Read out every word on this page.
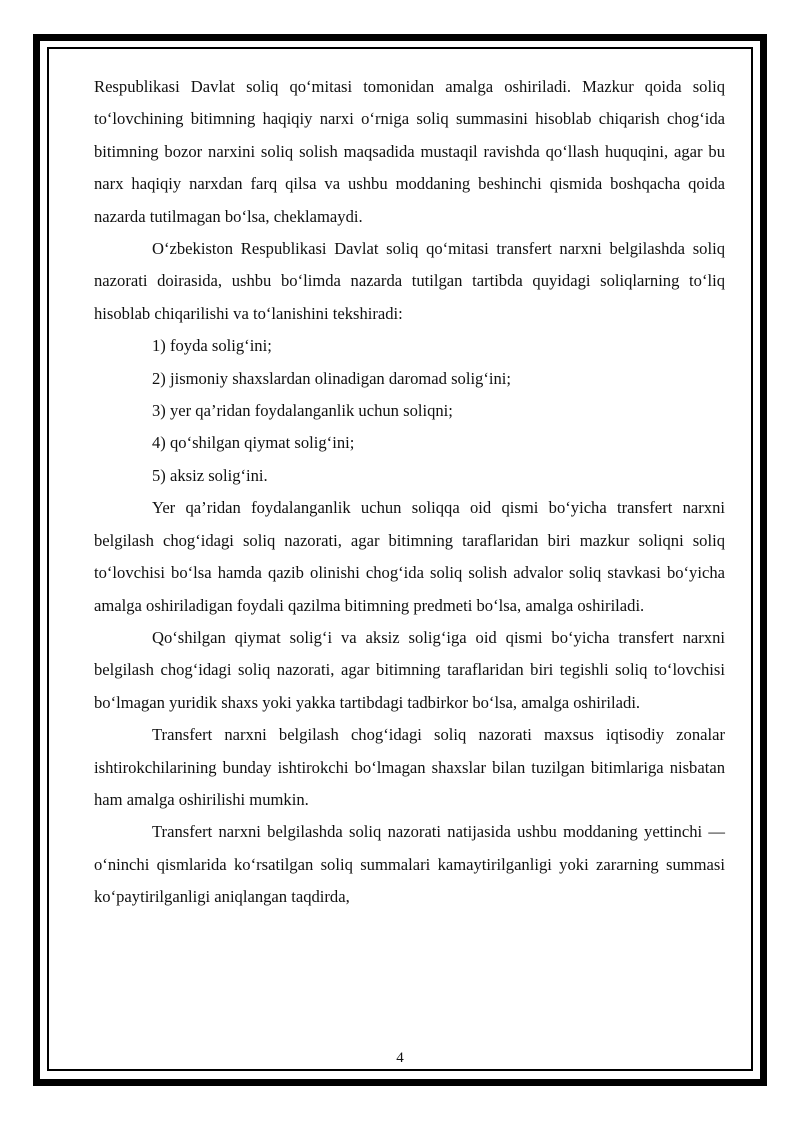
Respublikasi Davlat soliq qo‘mitasi tomonidan amalga oshiriladi. Mazkur qoida soliq to‘lovchining bitimning haqiqiy narxi o‘rniga soliq summasini hisoblab chiqarish chog‘ida bitimning bozor narxini soliq solish maqsadida mustaqil ravishda qo‘llash huquqini, agar bu narx haqiqiy narxdan farq qilsa va ushbu moddaning beshinchi qismida boshqacha qoida nazarda tutilmagan bo‘lsa, cheklamaydi.

O‘zbekiston Respublikasi Davlat soliq qo‘mitasi transfert narxni belgilashda soliq nazorati doirasida, ushbu bo‘limda nazarda tutilgan tartibda quyidagi soliqlarning to‘liq hisoblab chiqarilishi va to‘lanishini tekshiradi:

1) foyda solig‘ini;

2) jismoniy shaxslardan olinadigan daromad solig‘ini;

3) yer qa’ridan foydalanganlik uchun soliqni;

4) qo‘shilgan qiymat solig‘ini;

5) aksiz solig‘ini.

Yer qa’ridan foydalanganlik uchun soliqqa oid qismi bo‘yicha transfert narxni belgilash chog‘idagi soliq nazorati, agar bitimning taraflaridan biri mazkur soliqni soliq to‘lovchisi bo‘lsa hamda qazib olinishi chog‘ida soliq solish advalor soliq stavkasi bo‘yicha amalga oshiriladigan foydali qazilma bitimning predmeti bo‘lsa, amalga oshiriladi.

Qo‘shilgan qiymat solig‘i va aksiz solig‘iga oid qismi bo‘yicha transfert narxni belgilash chog‘idagi soliq nazorati, agar bitimning taraflaridan biri tegishli soliq to‘lovchisi bo‘lmagan yuridik shaxs yoki yakka tartibdagi tadbirkor bo‘lsa, amalga oshiriladi.

Transfert narxni belgilash chog‘idagi soliq nazorati maxsus iqtisodiy zonalar ishtirokchilarining bunday ishtirokchi bo‘lmagan shaxslar bilan tuzilgan bitimlariga nisbatan ham amalga oshirilishi mumkin.

Transfert narxni belgilashda soliq nazorati natijasida ushbu moddaning yettinchi — o‘ninchi qismlarida ko‘rsatilgan soliq summalari kamaytirilganligi yoki zararning summasi ko‘paytirilganligi aniqlangan taqdirda,

4
